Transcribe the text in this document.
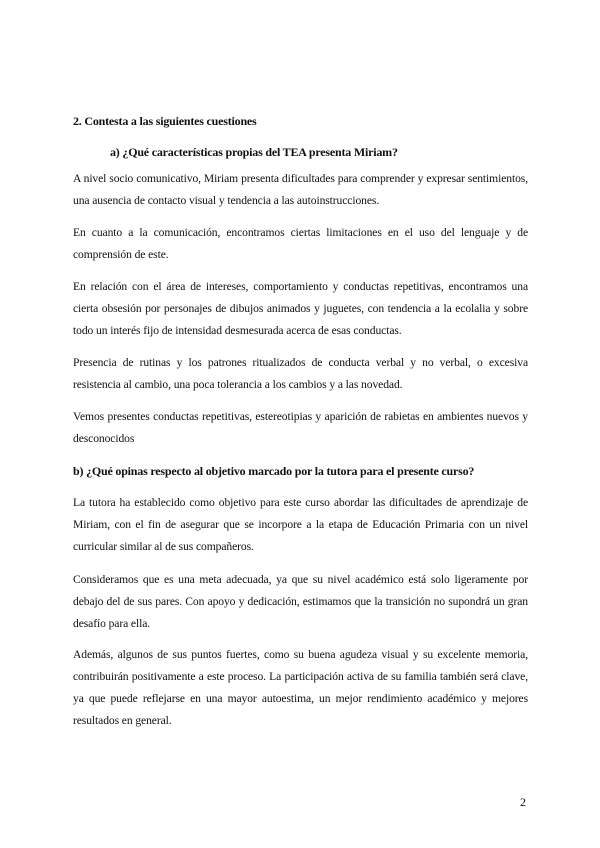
2. Contesta a las siguientes cuestiones
a) ¿Qué características propias del TEA presenta Miriam?

A nivel socio comunicativo, Miriam presenta dificultades para comprender y expresar sentimientos, una ausencia de contacto visual y tendencia a las autoinstrucciones.

En cuanto a la comunicación, encontramos ciertas limitaciones en el uso del lenguaje y de comprensión de este.

En relación con el área de intereses, comportamiento y conductas repetitivas, encontramos una cierta obsesión por personajes de dibujos animados y juguetes, con tendencia a la ecolalia y sobre todo un interés fijo de intensidad desmesurada acerca de esas conductas.

Presencia de rutinas y los patrones ritualizados de conducta verbal y no verbal, o excesiva resistencia al cambio, una poca tolerancia a los cambios y a las novedad.

Vemos presentes conductas repetitivas, estereotipias y aparición de rabietas en ambientes nuevos y desconocidos

b) ¿Qué opinas respecto al objetivo marcado por la tutora para el presente curso?

La tutora ha establecido como objetivo para este curso abordar las dificultades de aprendizaje de Miriam, con el fin de asegurar que se incorpore a la etapa de Educación Primaria con un nivel curricular similar al de sus compañeros.

Consideramos que es una meta adecuada, ya que su nivel académico está solo ligeramente por debajo del de sus pares. Con apoyo y dedicación, estimamos que la transición no supondrá un gran desafío para ella.

Además, algunos de sus puntos fuertes, como su buena agudeza visual y su excelente memoria, contribuirán positivamente a este proceso. La participación activa de su familia también será clave, ya que puede reflejarse en una mayor autoestima, un mejor rendimiento académico y mejores resultados en general.

2
